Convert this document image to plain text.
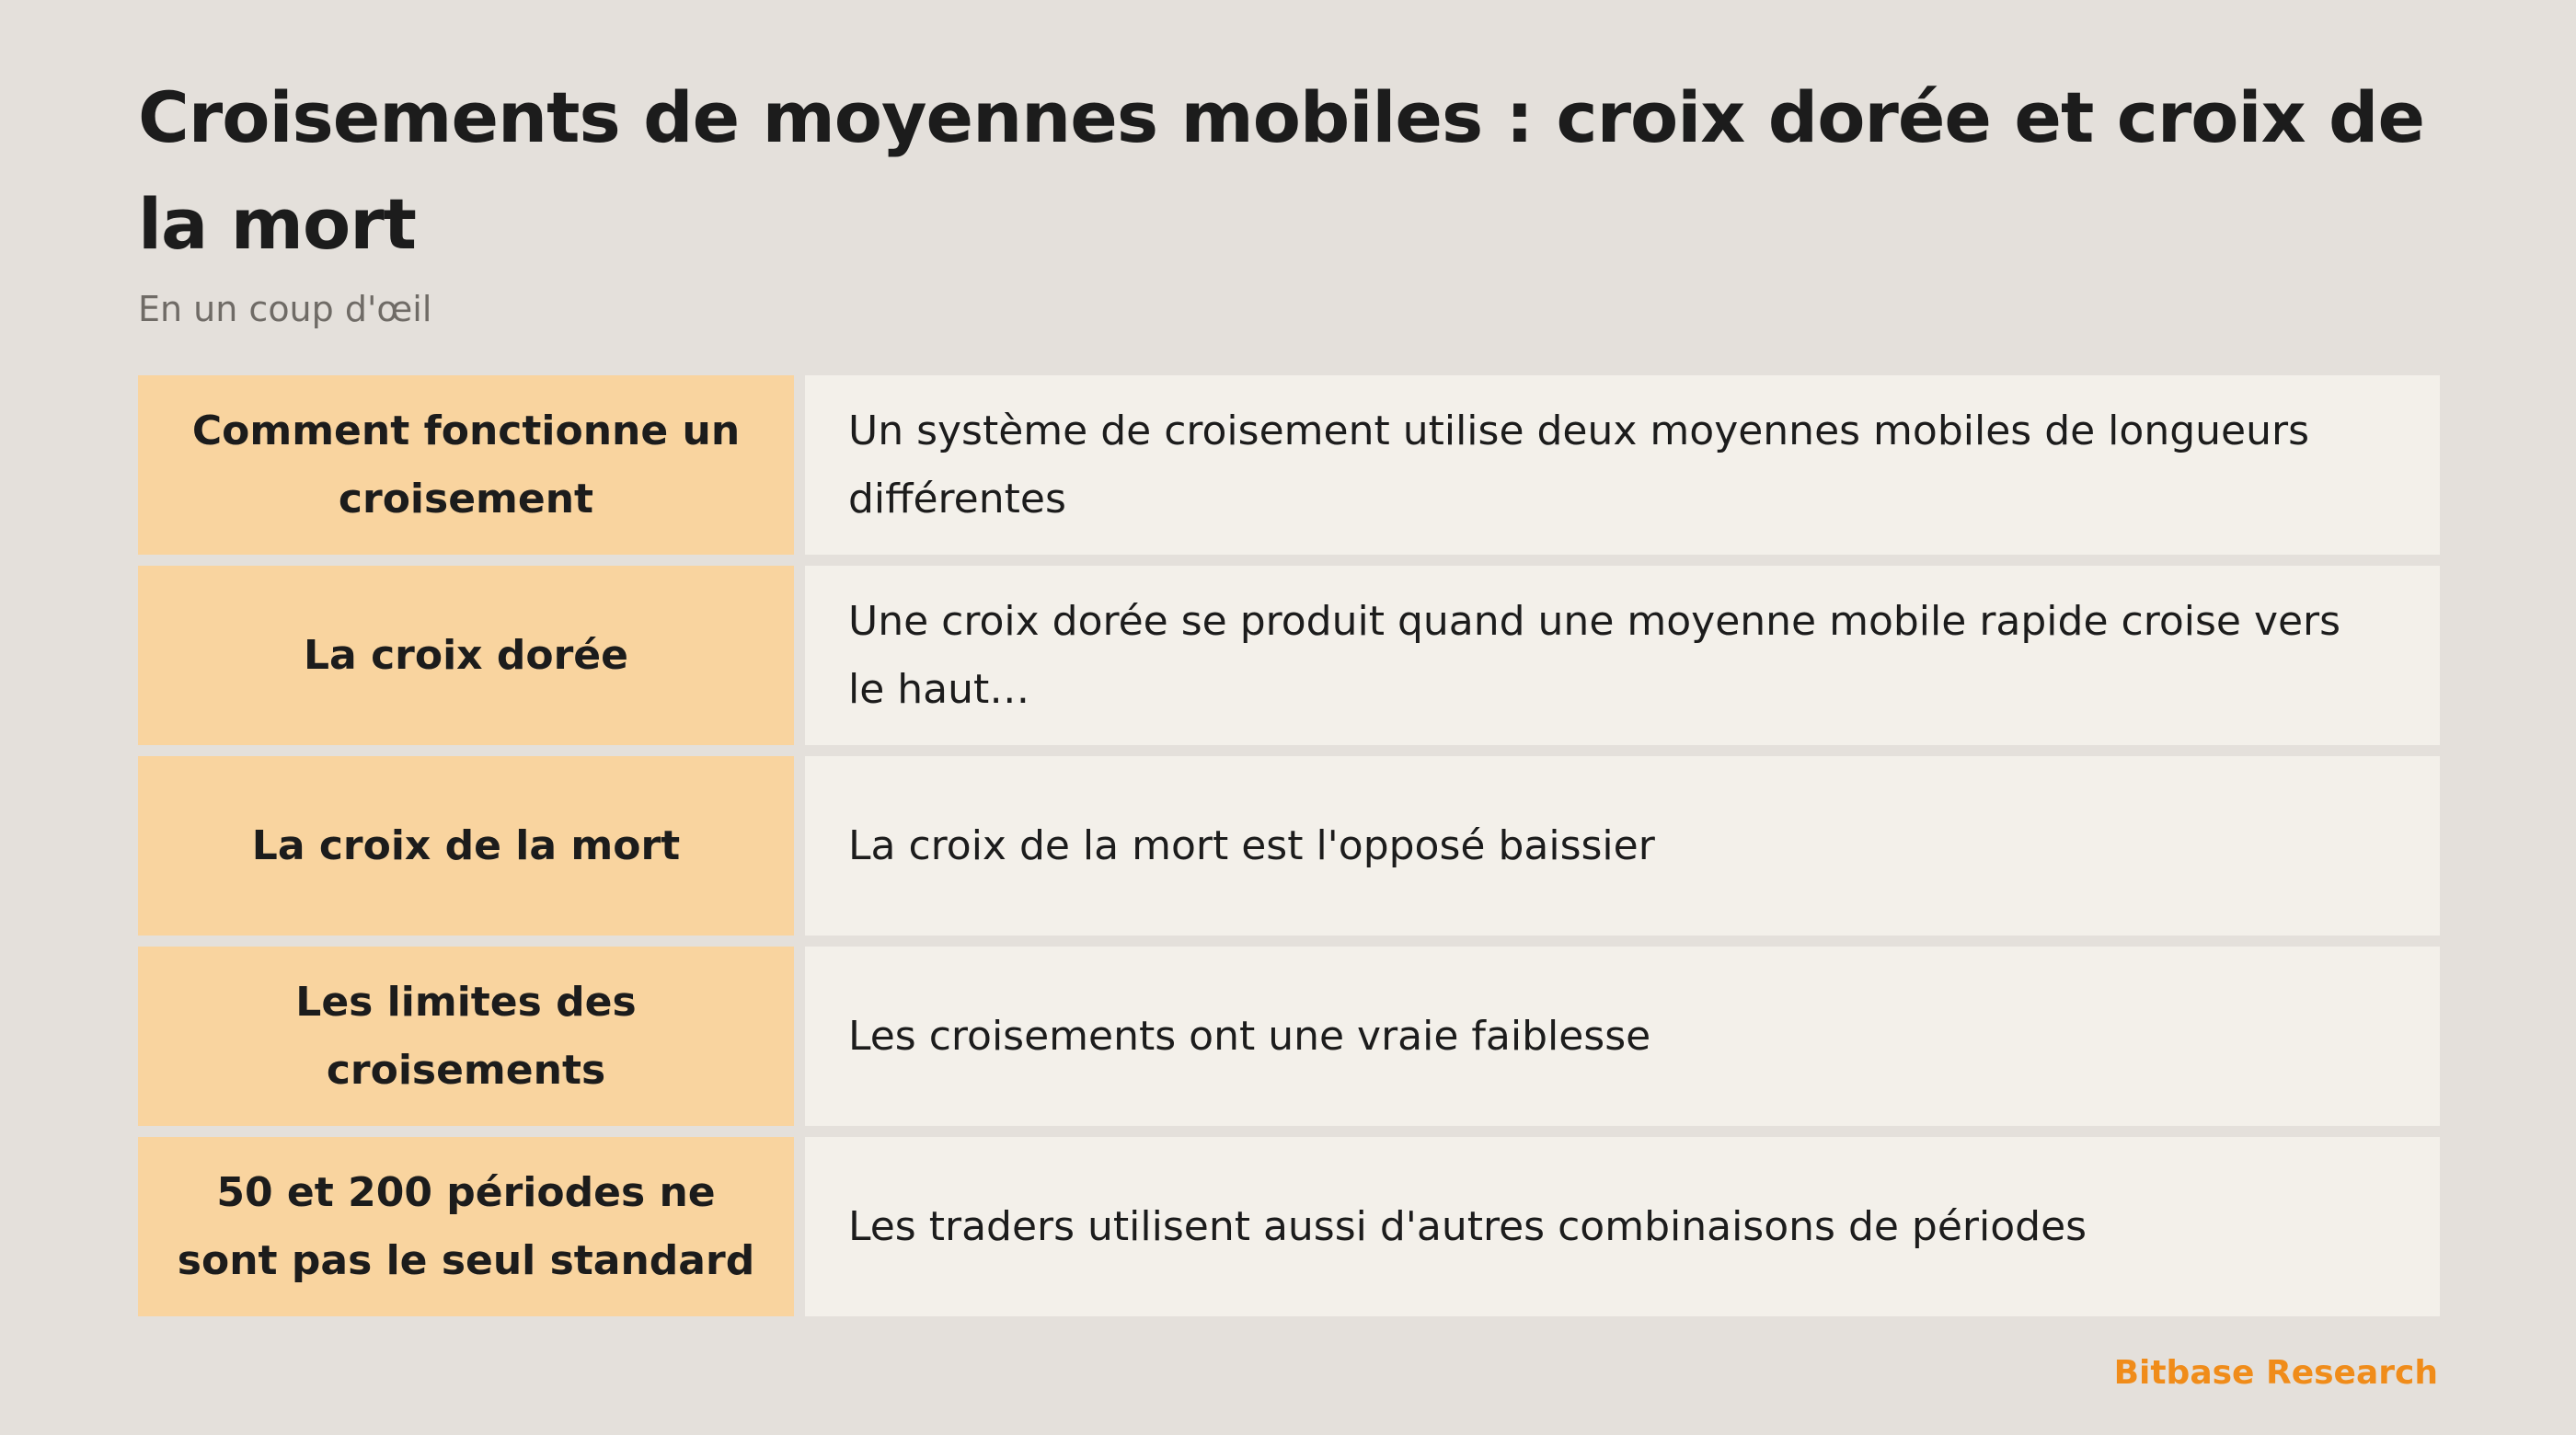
Croisements de moyennes mobiles : croix dorée et croix de la mort

En un coup d'œil

Comment fonctionne un croisement
Un système de croisement utilise deux moyennes mobiles de longueurs différentes
La croix dorée
Une croix dorée se produit quand une moyenne mobile rapide croise vers le haut…
La croix de la mort	La croix de la mort est l'opposé baissier
Les limites des croisements
Les croisements ont une vraie faiblesse
50 et 200 périodes ne sont pas le seul standard
Les traders utilisent aussi d'autres combinaisons de périodes
Bitbase Research
